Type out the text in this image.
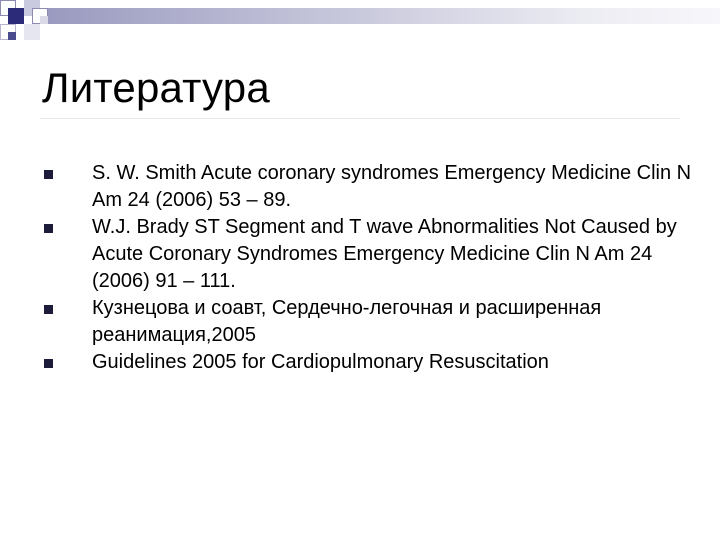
Литература
S. W. Smith Acute coronary syndromes Emergency Medicine Clin N Am 24 (2006) 53 – 89.
W.J. Brady ST Segment and T wave Abnormalities Not Caused by Acute Coronary Syndromes Emergency Medicine Clin N Am 24 (2006) 91 – 111.
Кузнецова и соавт, Сердечно-легочная и расширенная реанимация,2005
Guidelines 2005 for Cardiopulmonary Resuscitation
